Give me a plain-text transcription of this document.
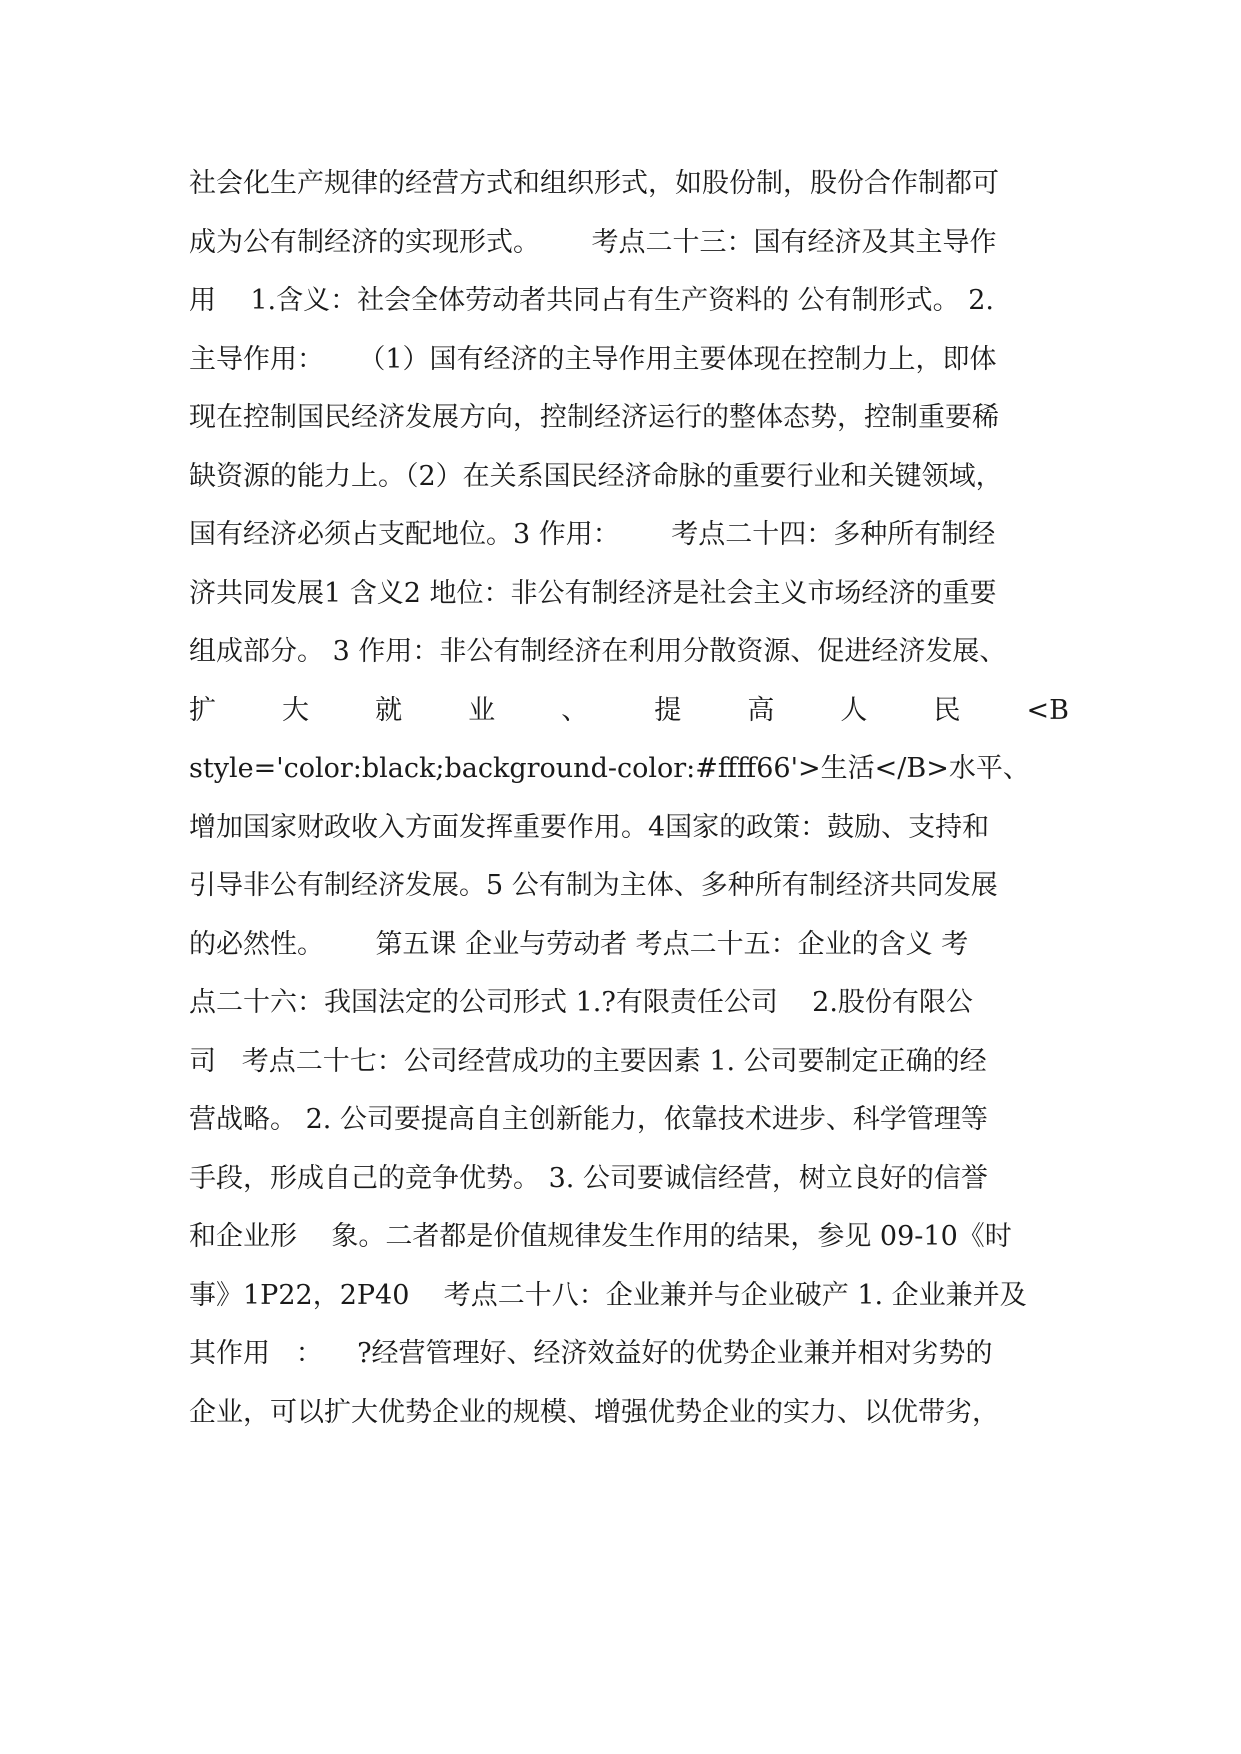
社会化生产规律的经营方式和组织形式，如股份制，股份合作制都可
成为公有制经济的实现形式。      考点二十三：国有经济及其主导作
用    1.含义：社会全体劳动者共同占有生产资料的 公有制形式。 2.
主导作用：    （1）国有经济的主导作用主要体现在控制力上，即体
现在控制国民经济发展方向，控制经济运行的整体态势，控制重要稀
缺资源的能力上。（2）在关系国民经济命脉的重要行业和关键领域，
国有经济必须占支配地位。3 作用：      考点二十四：多种所有制经
济共同发展1 含义2 地位：非公有制经济是社会主义市场经济的重要
组成部分。 3 作用：非公有制经济在利用分散资源、促进经济发展、
扩 大 就 业 、 提 高 人 民 <B
style='color:black;background-color:#ffff66'>生活</B>水平、
增加国家财政收入方面发挥重要作用。4国家的政策：鼓励、支持和
引导非公有制经济发展。5 公有制为主体、多种所有制经济共同发展
的必然性。      第五课 企业与劳动者 考点二十五：企业的含义 考
点二十六：我国法定的公司形式 1.?有限责任公司    2.股份有限公
司   考点二十七：公司经营成功的主要因素 1. 公司要制定正确的经
营战略。 2. 公司要提高自主创新能力，依靠技术进步、科学管理等
手段，形成自己的竞争优势。 3. 公司要诚信经营，树立良好的信誉
和企业形    象。二者都是价值规律发生作用的结果，参见 09-10《时
事》1P22，2P40    考点二十八：企业兼并与企业破产 1. 企业兼并及
其作用   ：    ?经营管理好、经济效益好的优势企业兼并相对劣势的
企业，可以扩大优势企业的规模、增强优势企业的实力、以优带劣，
